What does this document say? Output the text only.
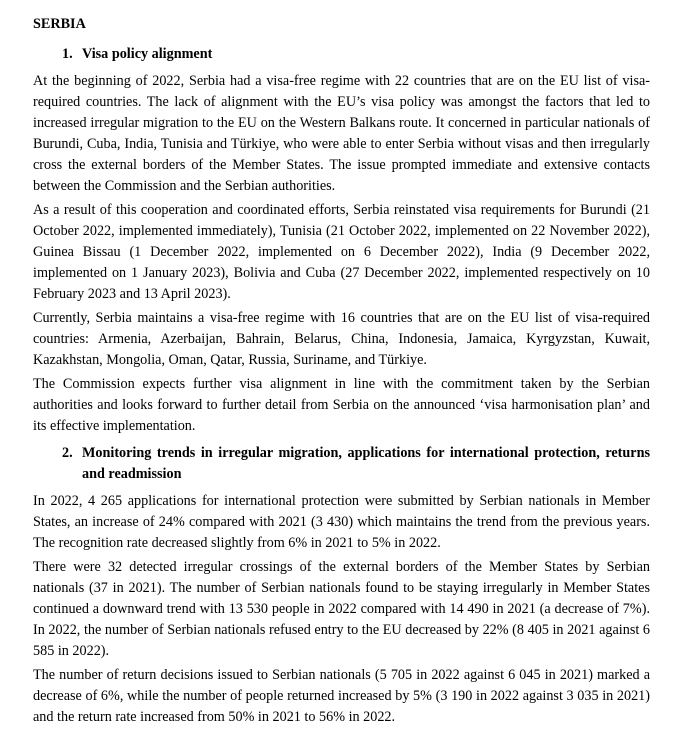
SERBIA
1. Visa policy alignment

At the beginning of 2022, Serbia had a visa-free regime with 22 countries that are on the EU list of visa-required countries. The lack of alignment with the EU’s visa policy was amongst the factors that led to increased irregular migration to the EU on the Western Balkans route. It concerned in particular nationals of Burundi, Cuba, India, Tunisia and Türkiye, who were able to enter Serbia without visas and then irregularly cross the external borders of the Member States. The issue prompted immediate and extensive contacts between the Commission and the Serbian authorities.

As a result of this cooperation and coordinated efforts, Serbia reinstated visa requirements for Burundi (21 October 2022, implemented immediately), Tunisia (21 October 2022, implemented on 22 November 2022), Guinea Bissau (1 December 2022, implemented on 6 December 2022), India (9 December 2022, implemented on 1 January 2023), Bolivia and Cuba (27 December 2022, implemented respectively on 10 February 2023 and 13 April 2023).

Currently, Serbia maintains a visa-free regime with 16 countries that are on the EU list of visa-required countries: Armenia, Azerbaijan, Bahrain, Belarus, China, Indonesia, Jamaica, Kyrgyzstan, Kuwait, Kazakhstan, Mongolia, Oman, Qatar, Russia, Suriname, and Türkiye.

The Commission expects further visa alignment in line with the commitment taken by the Serbian authorities and looks forward to further detail from Serbia on the announced ‘visa harmonisation plan’ and its effective implementation.

2. Monitoring trends in irregular migration, applications for international protection, returns and readmission

In 2022, 4 265 applications for international protection were submitted by Serbian nationals in Member States, an increase of 24% compared with 2021 (3 430) which maintains the trend from the previous years. The recognition rate decreased slightly from 6% in 2021 to 5% in 2022.

There were 32 detected irregular crossings of the external borders of the Member States by Serbian nationals (37 in 2021). The number of Serbian nationals found to be staying irregularly in Member States continued a downward trend with 13 530 people in 2022 compared with 14 490 in 2021 (a decrease of 7%). In 2022, the number of Serbian nationals refused entry to the EU decreased by 22% (8 405 in 2021 against 6 585 in 2022).

The number of return decisions issued to Serbian nationals (5 705 in 2022 against 6 045 in 2021) marked a decrease of 6%, while the number of people returned increased by 5% (3 190 in 2022 against 3 035 in 2021) and the return rate increased from 50% in 2021 to 56% in 2022.
